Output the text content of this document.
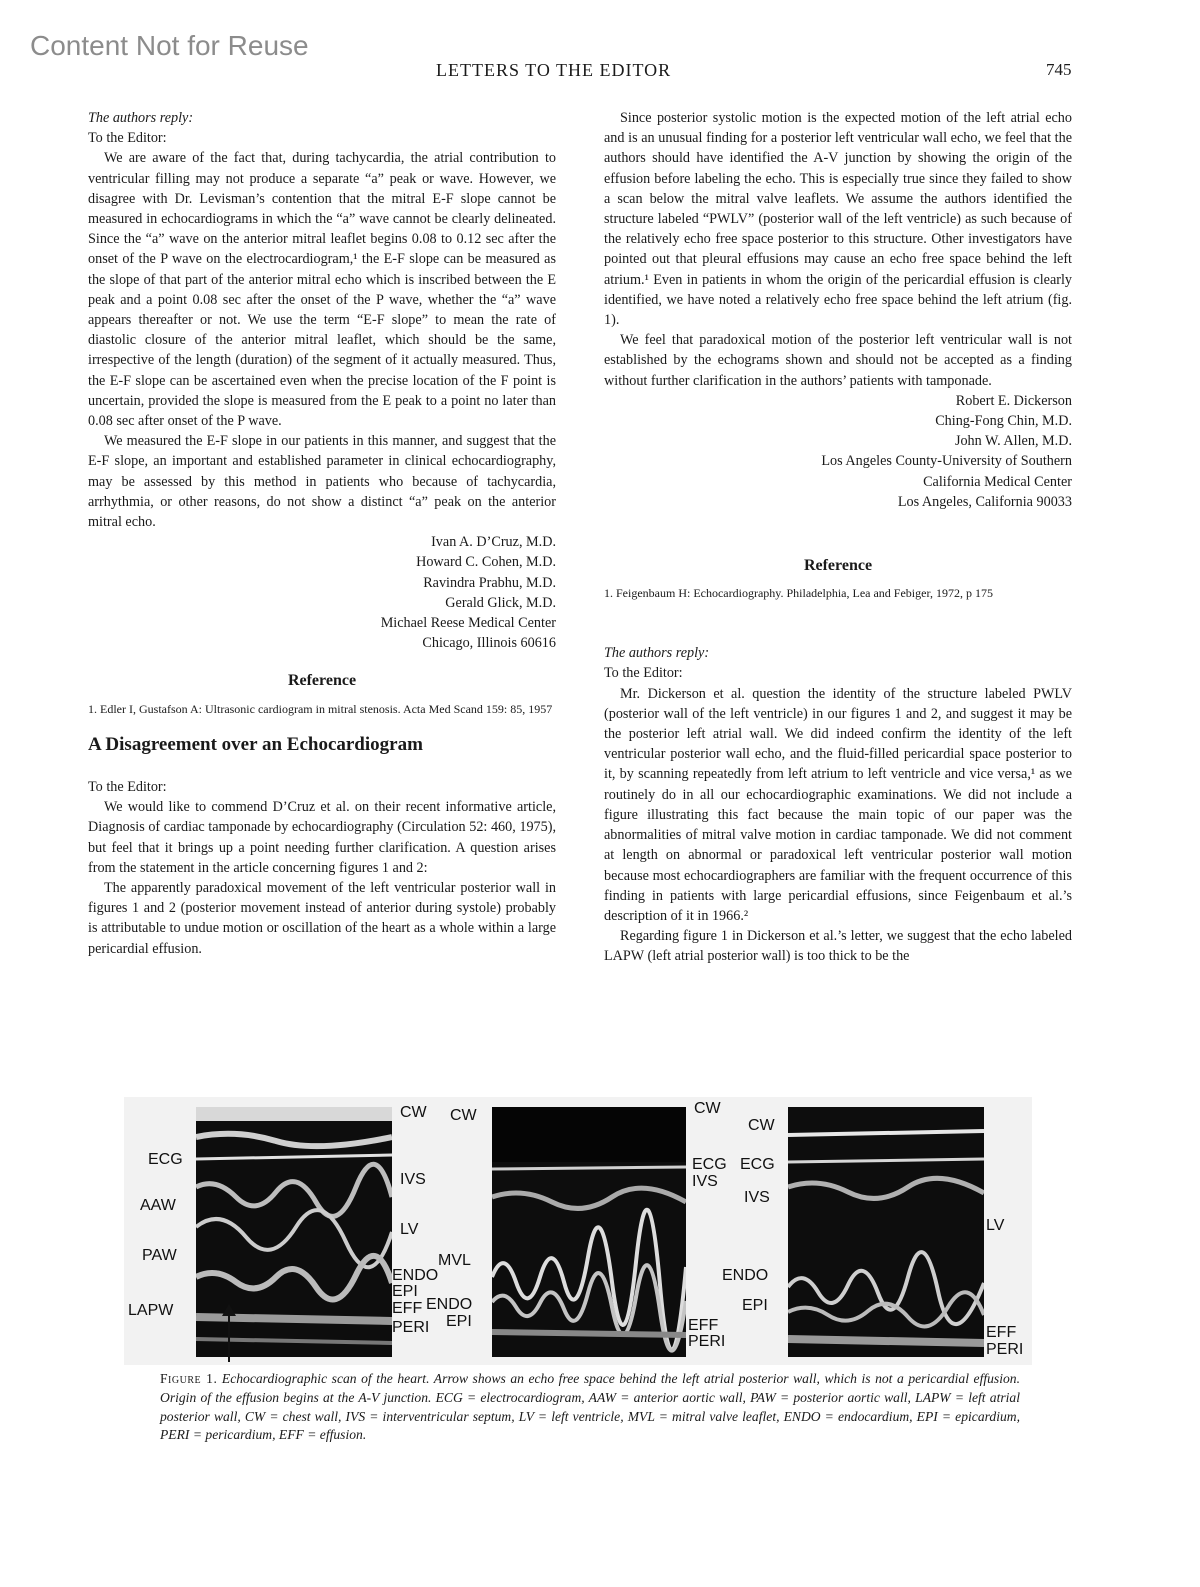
Content Not for Reuse
LETTERS TO THE EDITOR	745

The authors reply:

To the Editor:

We are aware of the fact that, during tachycardia, the atrial contribution to ventricular filling may not produce a separate “a” peak or wave. However, we disagree with Dr. Levisman’s contention that the mitral E-F slope cannot be measured in echocardiograms in which the “a” wave cannot be clearly delineated. Since the “a” wave on the anterior mitral leaflet begins 0.08 to 0.12 sec after the onset of the P wave on the electrocardiogram,¹ the E-F slope can be measured as the slope of that part of the anterior mitral echo which is inscribed between the E peak and a point 0.08 sec after the onset of the P wave, whether the “a” wave appears thereafter or not. We use the term “E-F slope” to mean the rate of diastolic closure of the anterior mitral leaflet, which should be the same, irrespective of the length (duration) of the segment of it actually measured. Thus, the E-F slope can be ascertained even when the precise location of the F point is uncertain, provided the slope is measured from the E peak to a point no later than 0.08 sec after onset of the P wave.

We measured the E-F slope in our patients in this manner, and suggest that the E-F slope, an important and established parameter in clinical echocardiography, may be assessed by this method in patients who because of tachycardia, arrhythmia, or other reasons, do not show a distinct “a” peak on the anterior mitral echo.

Ivan A. D’Cruz, M.D.

Howard C. Cohen, M.D.

Ravindra Prabhu, M.D.

Gerald Glick, M.D.

Michael Reese Medical Center

Chicago, Illinois 60616

Reference

1. Edler I, Gustafson A: Ultrasonic cardiogram in mitral stenosis. Acta Med Scand 159: 85, 1957

A Disagreement over an Echocardiogram

To the Editor:

We would like to commend D’Cruz et al. on their recent informative article, Diagnosis of cardiac tamponade by echocardiography (Circulation 52: 460, 1975), but feel that it brings up a point needing further clarification. A question arises from the statement in the article concerning figures 1 and 2:

The apparently paradoxical movement of the left ventricular posterior wall in figures 1 and 2 (posterior movement instead of anterior during systole) probably is attributable to undue motion or oscillation of the heart as a whole within a large pericardial effusion.

Since posterior systolic motion is the expected motion of the left atrial echo and is an unusual finding for a posterior left ventricular wall echo, we feel that the authors should have identified the A-V junction by showing the origin of the effusion before labeling the echo. This is especially true since they failed to show a scan below the mitral valve leaflets. We assume the authors identified the structure labeled “PWLV” (posterior wall of the left ventricle) as such because of the relatively echo free space posterior to this structure. Other investigators have pointed out that pleural effusions may cause an echo free space behind the left atrium.¹ Even in patients in whom the origin of the pericardial effusion is clearly identified, we have noted a relatively echo free space behind the left atrium (fig. 1).

We feel that paradoxical motion of the posterior left ventricular wall is not established by the echograms shown and should not be accepted as a finding without further clarification in the authors’ patients with tamponade.

Robert E. Dickerson

Ching-Fong Chin, M.D.

John W. Allen, M.D.

Los Angeles County-University of Southern

California Medical Center

Los Angeles, California 90033

Reference

1. Feigenbaum H: Echocardiography. Philadelphia, Lea and Febiger, 1972, p 175

The authors reply:

To the Editor:

Mr. Dickerson et al. question the identity of the structure labeled PWLV (posterior wall of the left ventricle) in our figures 1 and 2, and suggest it may be the posterior left atrial wall. We did indeed confirm the identity of the left ventricular posterior wall echo, and the fluid-filled pericardial space posterior to it, by scanning repeatedly from left atrium to left ventricle and vice versa,¹ as we routinely do in all our echocardiographic examinations. We did not include a figure illustrating this fact because the main topic of our paper was the abnormalities of mitral valve motion in cardiac tamponade. We did not comment at length on abnormal or paradoxical left ventricular posterior wall motion because most echocardiographers are familiar with the frequent occurrence of this finding in patients with large pericardial effusions, since Feigenbaum et al.’s description of it in 1966.²

Regarding figure 1 in Dickerson et al.’s letter, we suggest that the echo labeled LAPW (left atrial posterior wall) is too thick to be the

ECG
AAW
PAW
LAPW
CW CW
IVS
LV
MVL
ENDO
EPI
EFF ENDO
PERI EPI
CW
ECG
IVS
EFF
PERI
CW
ECG
IVS
ENDO
EPI
LV
EFF
PERI
Figure 1. Echocardiographic scan of the heart. Arrow shows an echo free space behind the left atrial posterior wall, which is not a pericardial effusion. Origin of the effusion begins at the A-V junction. ECG = electrocardiogram, AAW = anterior aortic wall, PAW = posterior aortic wall, LAPW = left atrial posterior wall, CW = chest wall, IVS = interventricular septum, LV = left ventricle, MVL = mitral valve leaflet, ENDO = endocardium, EPI = epicardium, PERI = pericardium, EFF = effusion.
